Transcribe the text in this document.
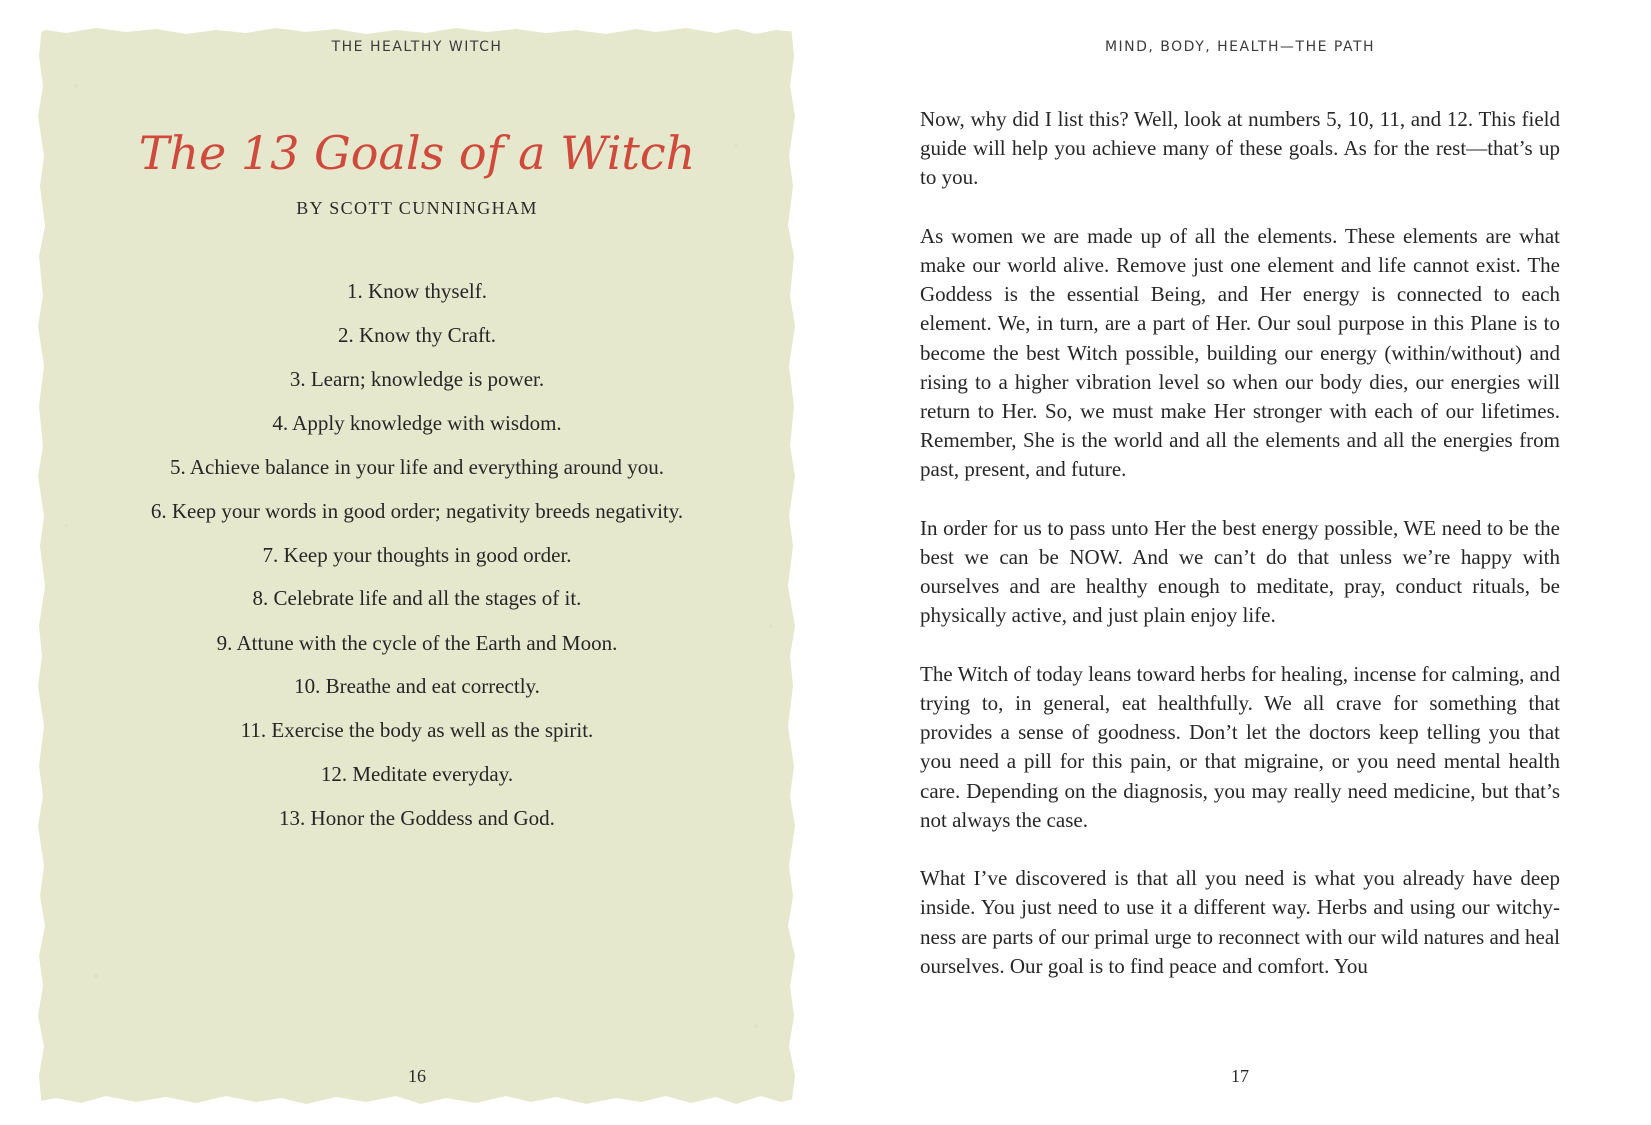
THE HEALTHY WITCH
The 13 Goals of a Witch
BY SCOTT CUNNINGHAM
1. Know thyself.
2. Know thy Craft.
3. Learn; knowledge is power.
4. Apply knowledge with wisdom.
5. Achieve balance in your life and everything around you.
6. Keep your words in good order; negativity breeds negativity.
7. Keep your thoughts in good order.
8. Celebrate life and all the stages of it.
9. Attune with the cycle of the Earth and Moon.
10. Breathe and eat correctly.
11. Exercise the body as well as the spirit.
12. Meditate everyday.
13. Honor the Goddess and God.
16
MIND, BODY, HEALTH—THE PATH

Now, why did I list this? Well, look at numbers 5, 10, 11, and 12. This field guide will help you achieve many of these goals. As for the rest—that’s up to you.

As women we are made up of all the elements. These elements are what make our world alive. Remove just one element and life cannot exist. The Goddess is the essential Being, and Her energy is connected to each element. We, in turn, are a part of Her. Our soul purpose in this Plane is to become the best Witch possible, building our energy (within/without) and rising to a higher vibration level so when our body dies, our energies will return to Her. So, we must make Her stronger with each of our lifetimes. Remember, She is the world and all the elements and all the energies from past, present, and future.

In order for us to pass unto Her the best energy possible, WE need to be the best we can be NOW. And we can’t do that unless we’re happy with ourselves and are healthy enough to meditate, pray, conduct rituals, be physically active, and just plain enjoy life.

The Witch of today leans toward herbs for healing, incense for calming, and trying to, in general, eat healthfully. We all crave for something that provides a sense of goodness. Don’t let the doctors keep telling you that you need a pill for this pain, or that migraine, or you need mental health care. Depending on the diagnosis, you may really need medicine, but that’s not always the case.

What I’ve discovered is that all you need is what you already have deep inside. You just need to use it a different way. Herbs and using our witchy-ness are parts of our primal urge to reconnect with our wild natures and heal ourselves. Our goal is to find peace and comfort. You

17
